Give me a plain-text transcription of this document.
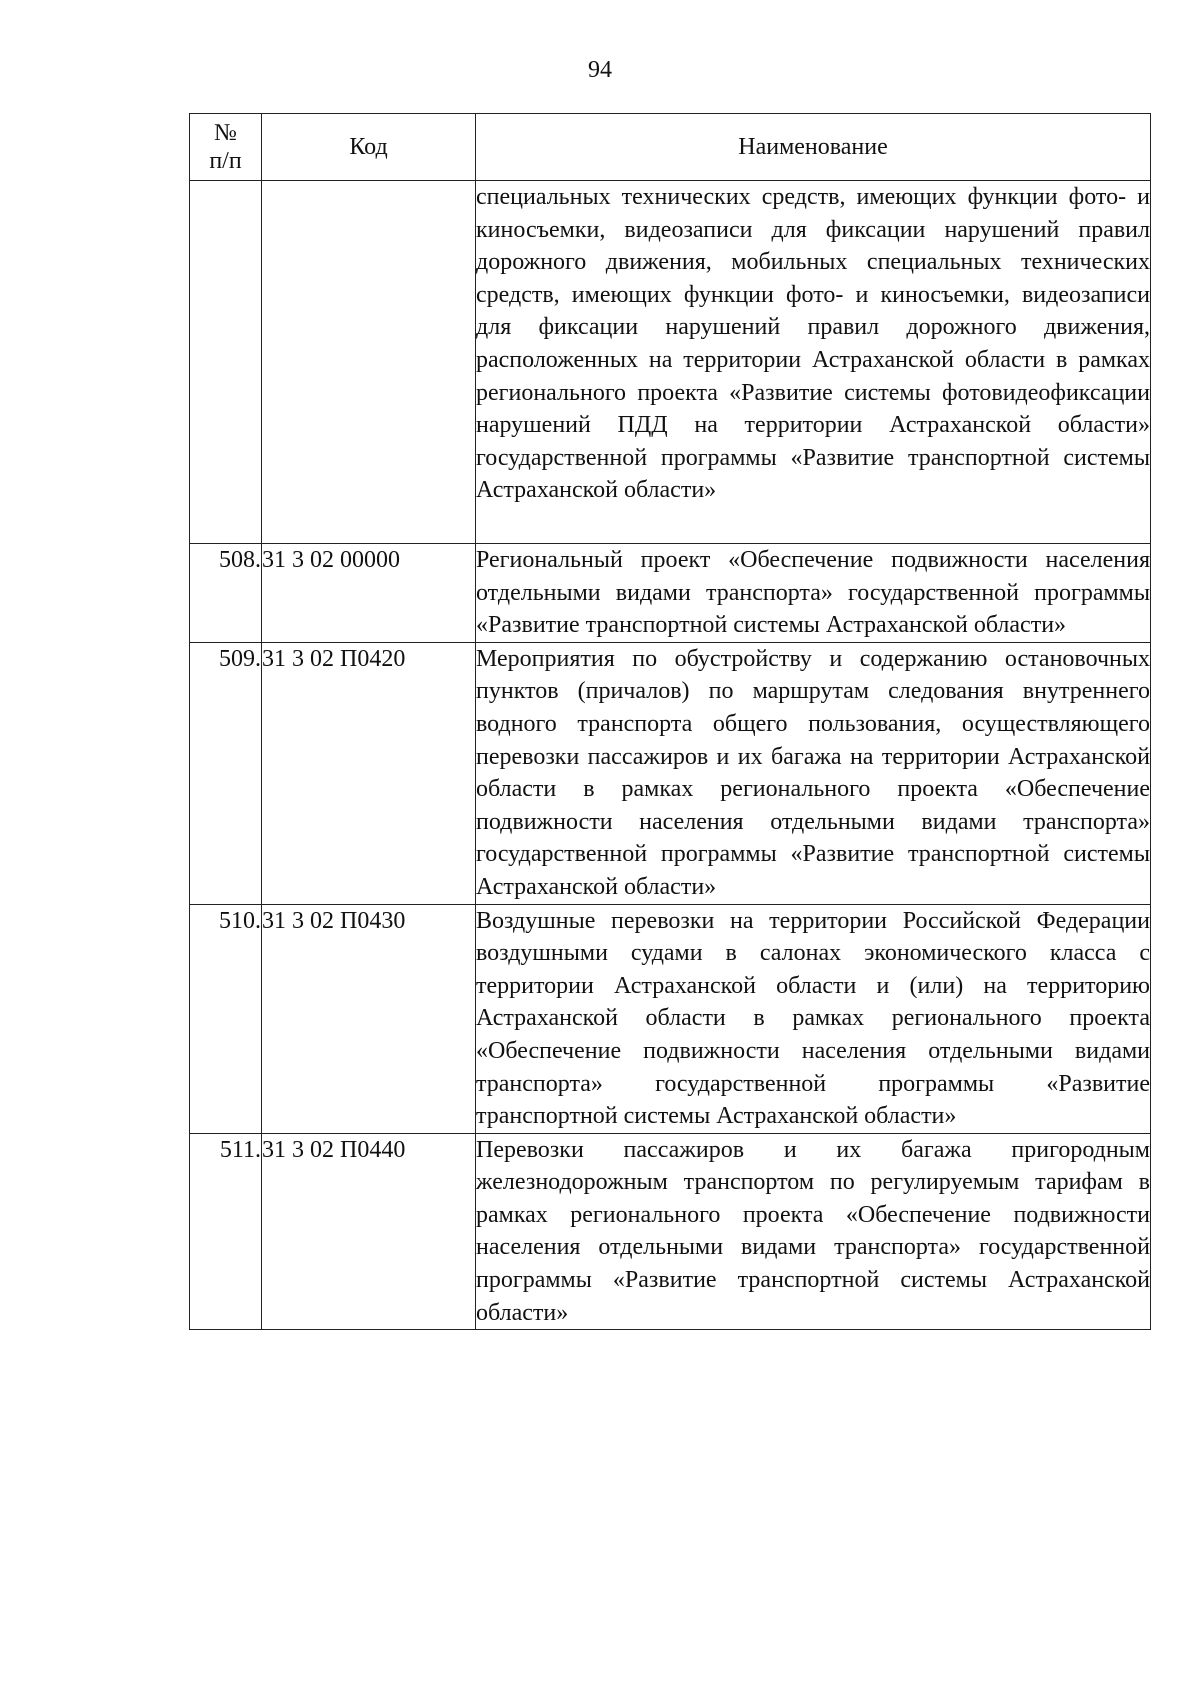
94
№
п/п	Код	Наименование
		специальных технических средств, имеющих функции фото- и киносъемки, видеозаписи для фиксации нарушений правил дорожного движения, мобильных специальных технических средств, имеющих функции фото- и киносъемки, видеозаписи для фиксации нарушений правил дорожного движения, расположенных на территории Астраханской области в рамках регионального проекта «Развитие системы фотовидеофиксации нарушений ПДД на территории Астраханской области» государственной программы «Развитие транспортной системы Астраханской области»
508.	31 3 02 00000	Региональный проект «Обеспечение подвижности населения отдельными видами транспорта» государственной программы «Развитие транспортной системы Астраханской области»
509.	31 3 02 П0420	Мероприятия по обустройству и содержанию остановочных пунктов (причалов) по маршрутам следования внутреннего водного транспорта общего пользования, осуществляющего перевозки пассажиров и их багажа на территории Астраханской области в рамках регионального проекта «Обеспечение подвижности населения отдельными видами транспорта» государственной программы «Развитие транспортной системы Астраханской области»
510.	31 3 02 П0430	Воздушные перевозки на территории Российской Федерации воздушными судами в салонах экономического класса с территории Астраханской области и (или) на территорию Астраханской области в рамках регионального проекта «Обеспечение подвижности населения отдельными видами транспорта» государственной программы «Развитие транспортной системы Астраханской области»
511.	31 3 02 П0440	Перевозки пассажиров и их багажа пригородным железнодорожным транспортом по регулируемым тарифам в рамках регионального проекта «Обеспечение подвижности населения отдельными видами транспорта» государственной программы «Развитие транспортной системы Астраханской области»
